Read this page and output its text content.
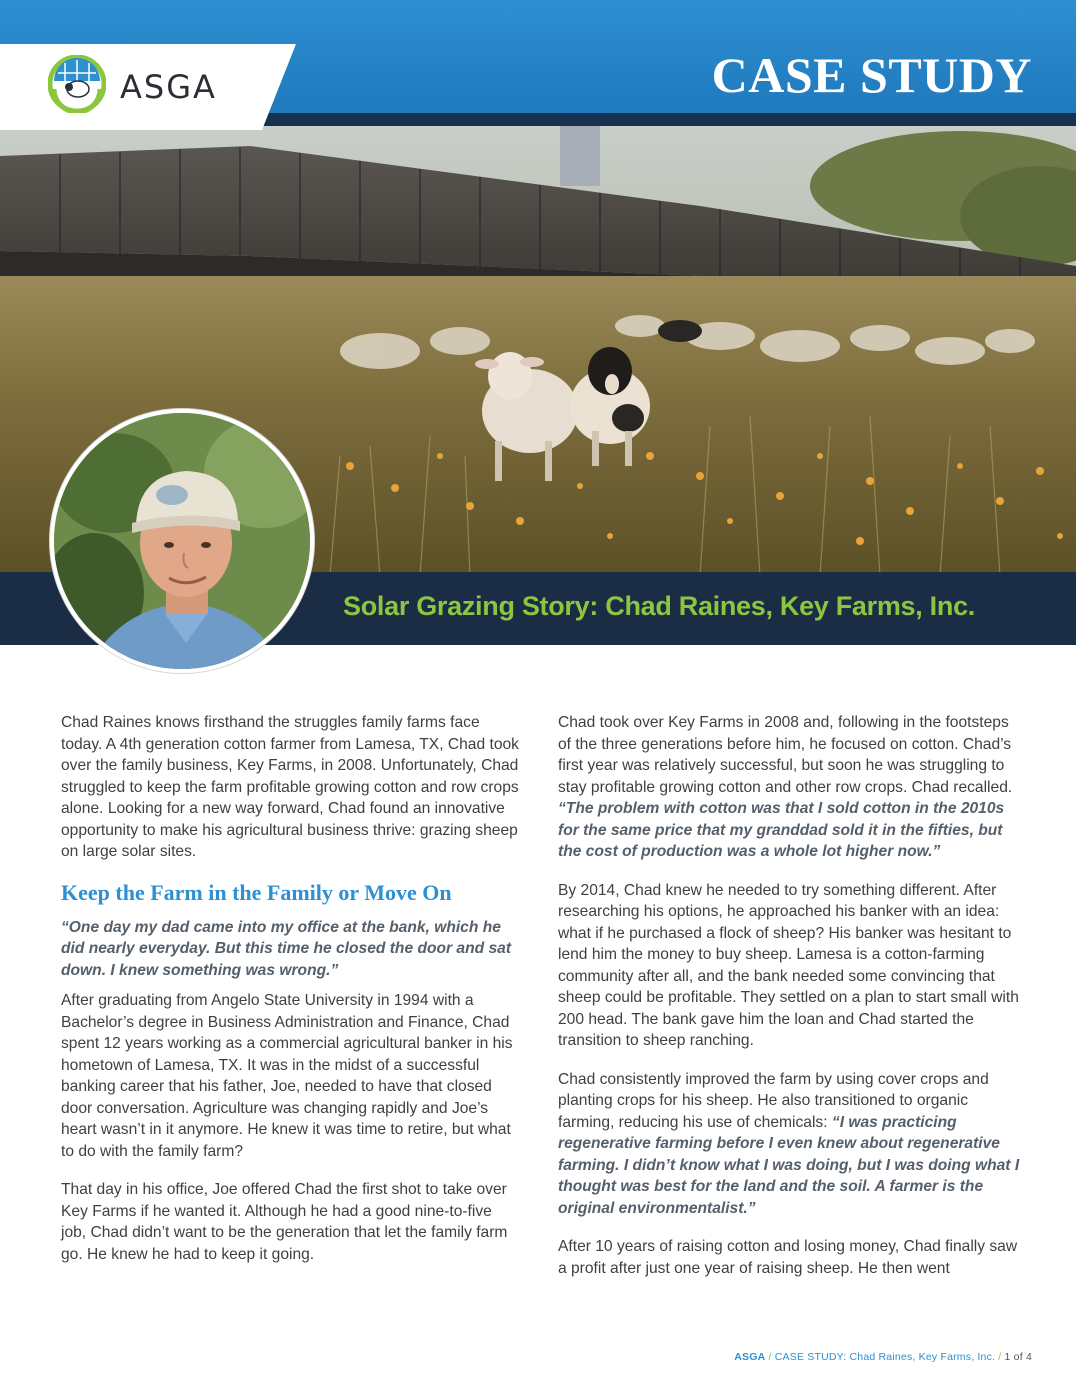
Solar Grazing Story: Chad Raines, Key Farms, Inc.
ASGA	CASE STUDY

Chad Raines knows firsthand the struggles family farms face today. A 4th generation cotton farmer from Lamesa, TX, Chad took over the family business, Key Farms, in 2008. Unfortunately, Chad struggled to keep the farm profitable growing cotton and row crops alone. Looking for a new way forward, Chad found an innovative opportunity to make his agricultural business thrive: grazing sheep on large solar sites.

Keep the Farm in the Family or Move On

“One day my dad came into my office at the bank, which he did nearly everyday. But this time he closed the door and sat down. I knew something was wrong.”

After graduating from Angelo State University in 1994 with a Bachelor’s degree in Business Administration and Finance, Chad spent 12 years working as a commercial agricultural banker in his hometown of Lamesa, TX. It was in the midst of a successful banking career that his father, Joe, needed to have that closed door conversation. Agriculture was changing rapidly and Joe’s heart wasn’t in it anymore. He knew it was time to retire, but what to do with the family farm?

That day in his office, Joe offered Chad the first shot to take over Key Farms if he wanted it. Although he had a good nine-to-five job, Chad didn’t want to be the generation that let the family farm go. He knew he had to keep it going.

Chad took over Key Farms in 2008 and, following in the footsteps of the three generations before him, he focused on cotton. Chad’s first year was relatively successful, but soon he was struggling to stay profitable growing cotton and other row crops. Chad recalled. “The problem with cotton was that I sold cotton in the 2010s for the same price that my granddad sold it in the fifties, but the cost of production was a whole lot higher now.”

By 2014, Chad knew he needed to try something different. After researching his options, he approached his banker with an idea: what if he purchased a flock of sheep? His banker was hesitant to lend him the money to buy sheep. Lamesa is a cotton-farming community after all, and the bank needed some convincing that sheep could be profitable. They settled on a plan to start small with 200 head. The bank gave him the loan and Chad started the transition to sheep ranching.

Chad consistently improved the farm by using cover crops and planting crops for his sheep. He also transitioned to organic farming, reducing his use of chemicals: “I was practicing regenerative farming before I even knew about regenerative farming. I didn’t know what I was doing, but I was doing what I thought was best for the land and the soil. A farmer is the original environmentalist.”

After 10 years of raising cotton and losing money, Chad finally saw a profit after just one year of raising sheep. He then went

ASGA / CASE STUDY: Chad Raines, Key Farms, Inc. / 1 of 4
